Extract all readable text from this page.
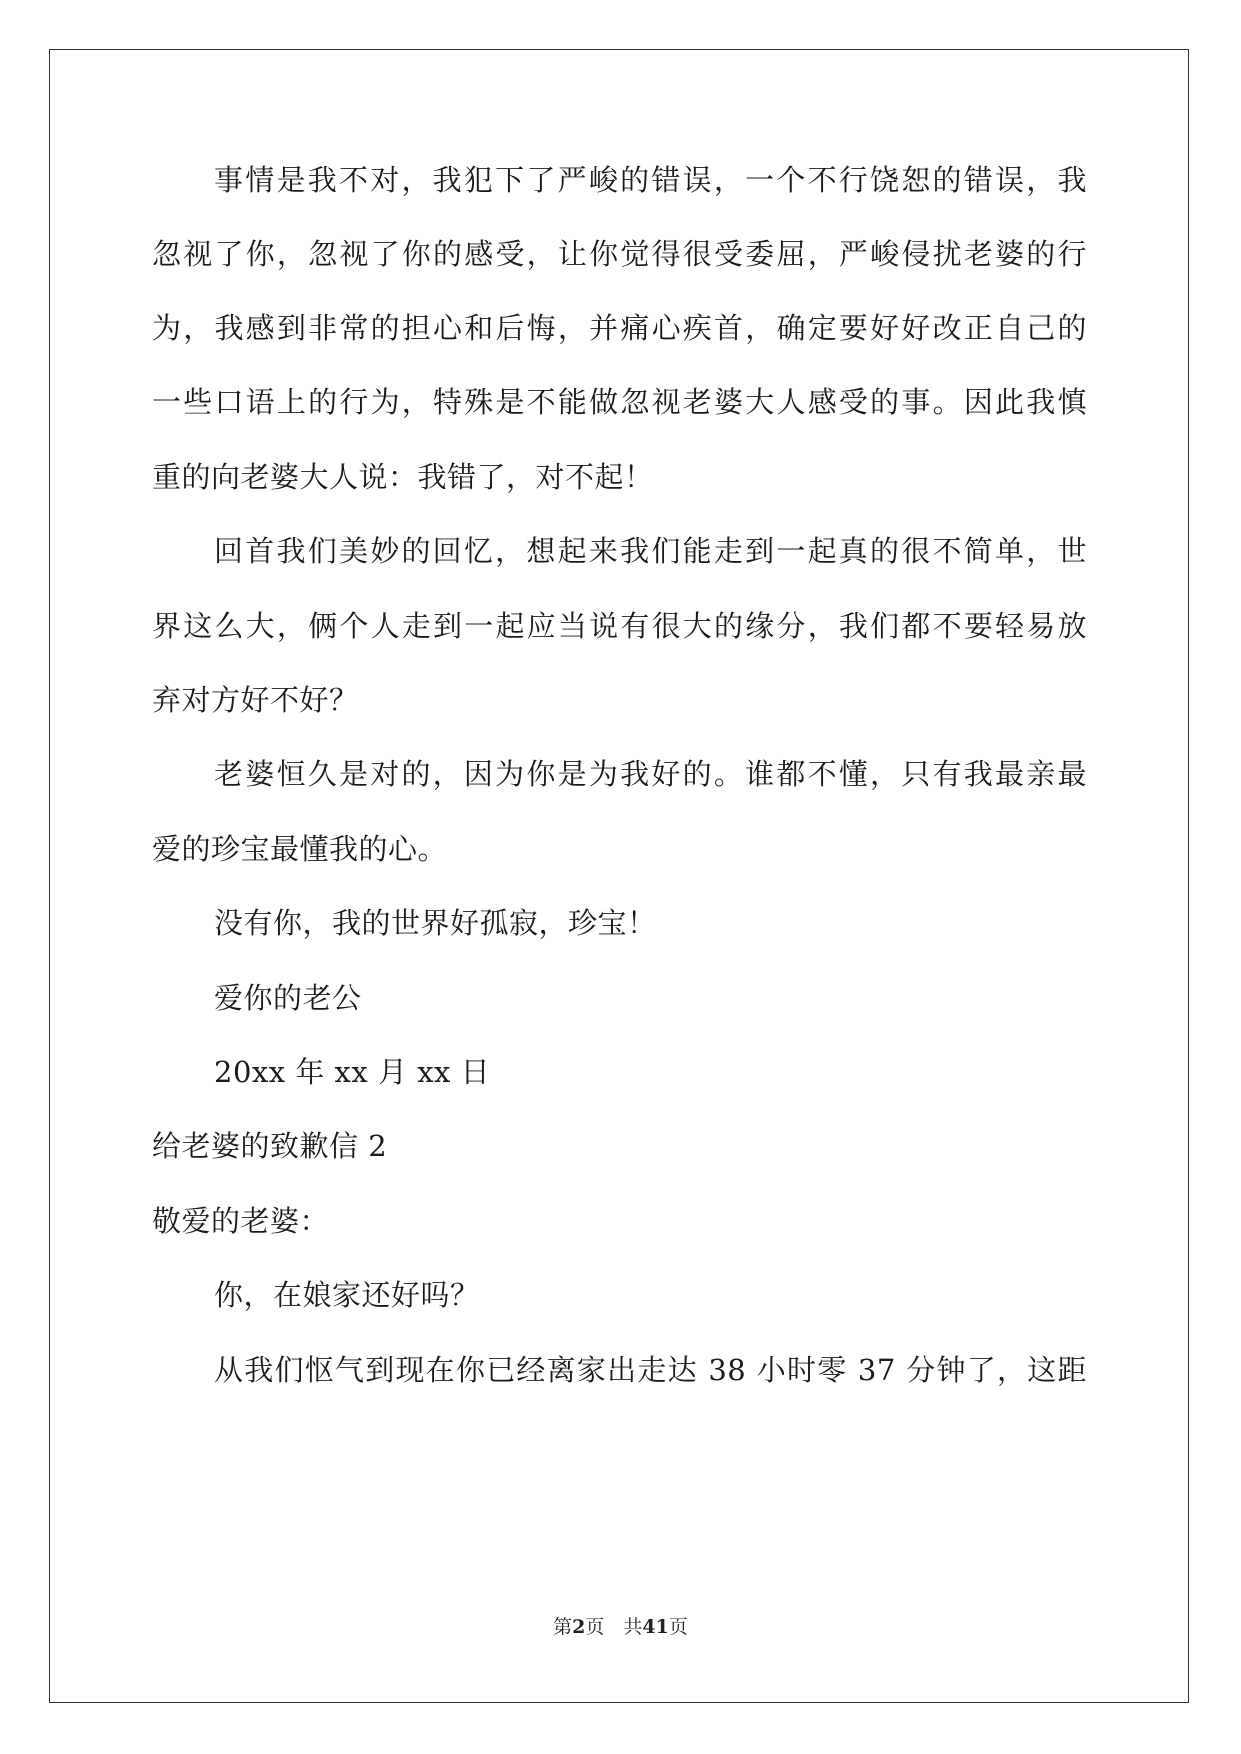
事情是我不对，我犯下了严峻的错误，一个不行饶恕的错误，我
忽视了你，忽视了你的感受，让你觉得很受委屈，严峻侵扰老婆的行
为，我感到非常的担心和后悔，并痛心疾首，确定要好好改正自己的
一些口语上的行为，特殊是不能做忽视老婆大人感受的事。因此我慎
重的向老婆大人说：我错了，对不起！
回首我们美妙的回忆，想起来我们能走到一起真的很不简单，世
界这么大，俩个人走到一起应当说有很大的缘分，我们都不要轻易放
弃对方好不好？
老婆恒久是对的，因为你是为我好的。谁都不懂，只有我最亲最
爱的珍宝最懂我的心。
没有你，我的世界好孤寂，珍宝！
爱你的老公
20xx 年 xx 月 xx 日
给老婆的致歉信 2
敬爱的老婆：
你，在娘家还好吗？
从我们怄气到现在你已经离家出走达 38 小时零 37 分钟了，这距
第2页　共41页
